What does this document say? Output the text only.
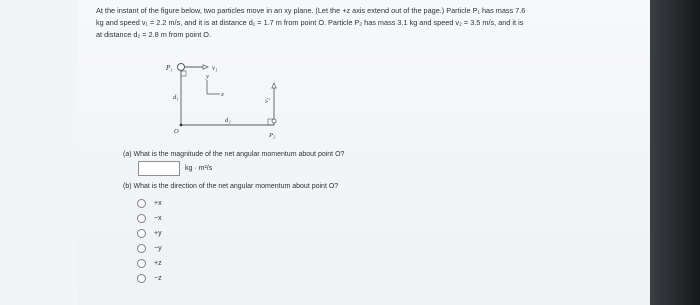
At the instant of the figure below, two particles move in an xy plane. (Let the +z axis extend out of the page.) Particle P₁ has mass 7.6
kg and speed v₁ = 2.2 m/s, and it is at distance d₁ = 1.7 m from point O. Particle P₂ has mass 3.1 kg and speed v₂ = 3.5 m/s, and it is
at distance d₂ = 2.8 m from point O.
P₁	v₁
d₁
y
x
O
d₂
v₂
P₂
(a) What is the magnitude of the net angular momentum about point O?
kg · m²/s
(b) What is the direction of the net angular momentum about point O?
+x
−x
+y
−y
+z
−z
